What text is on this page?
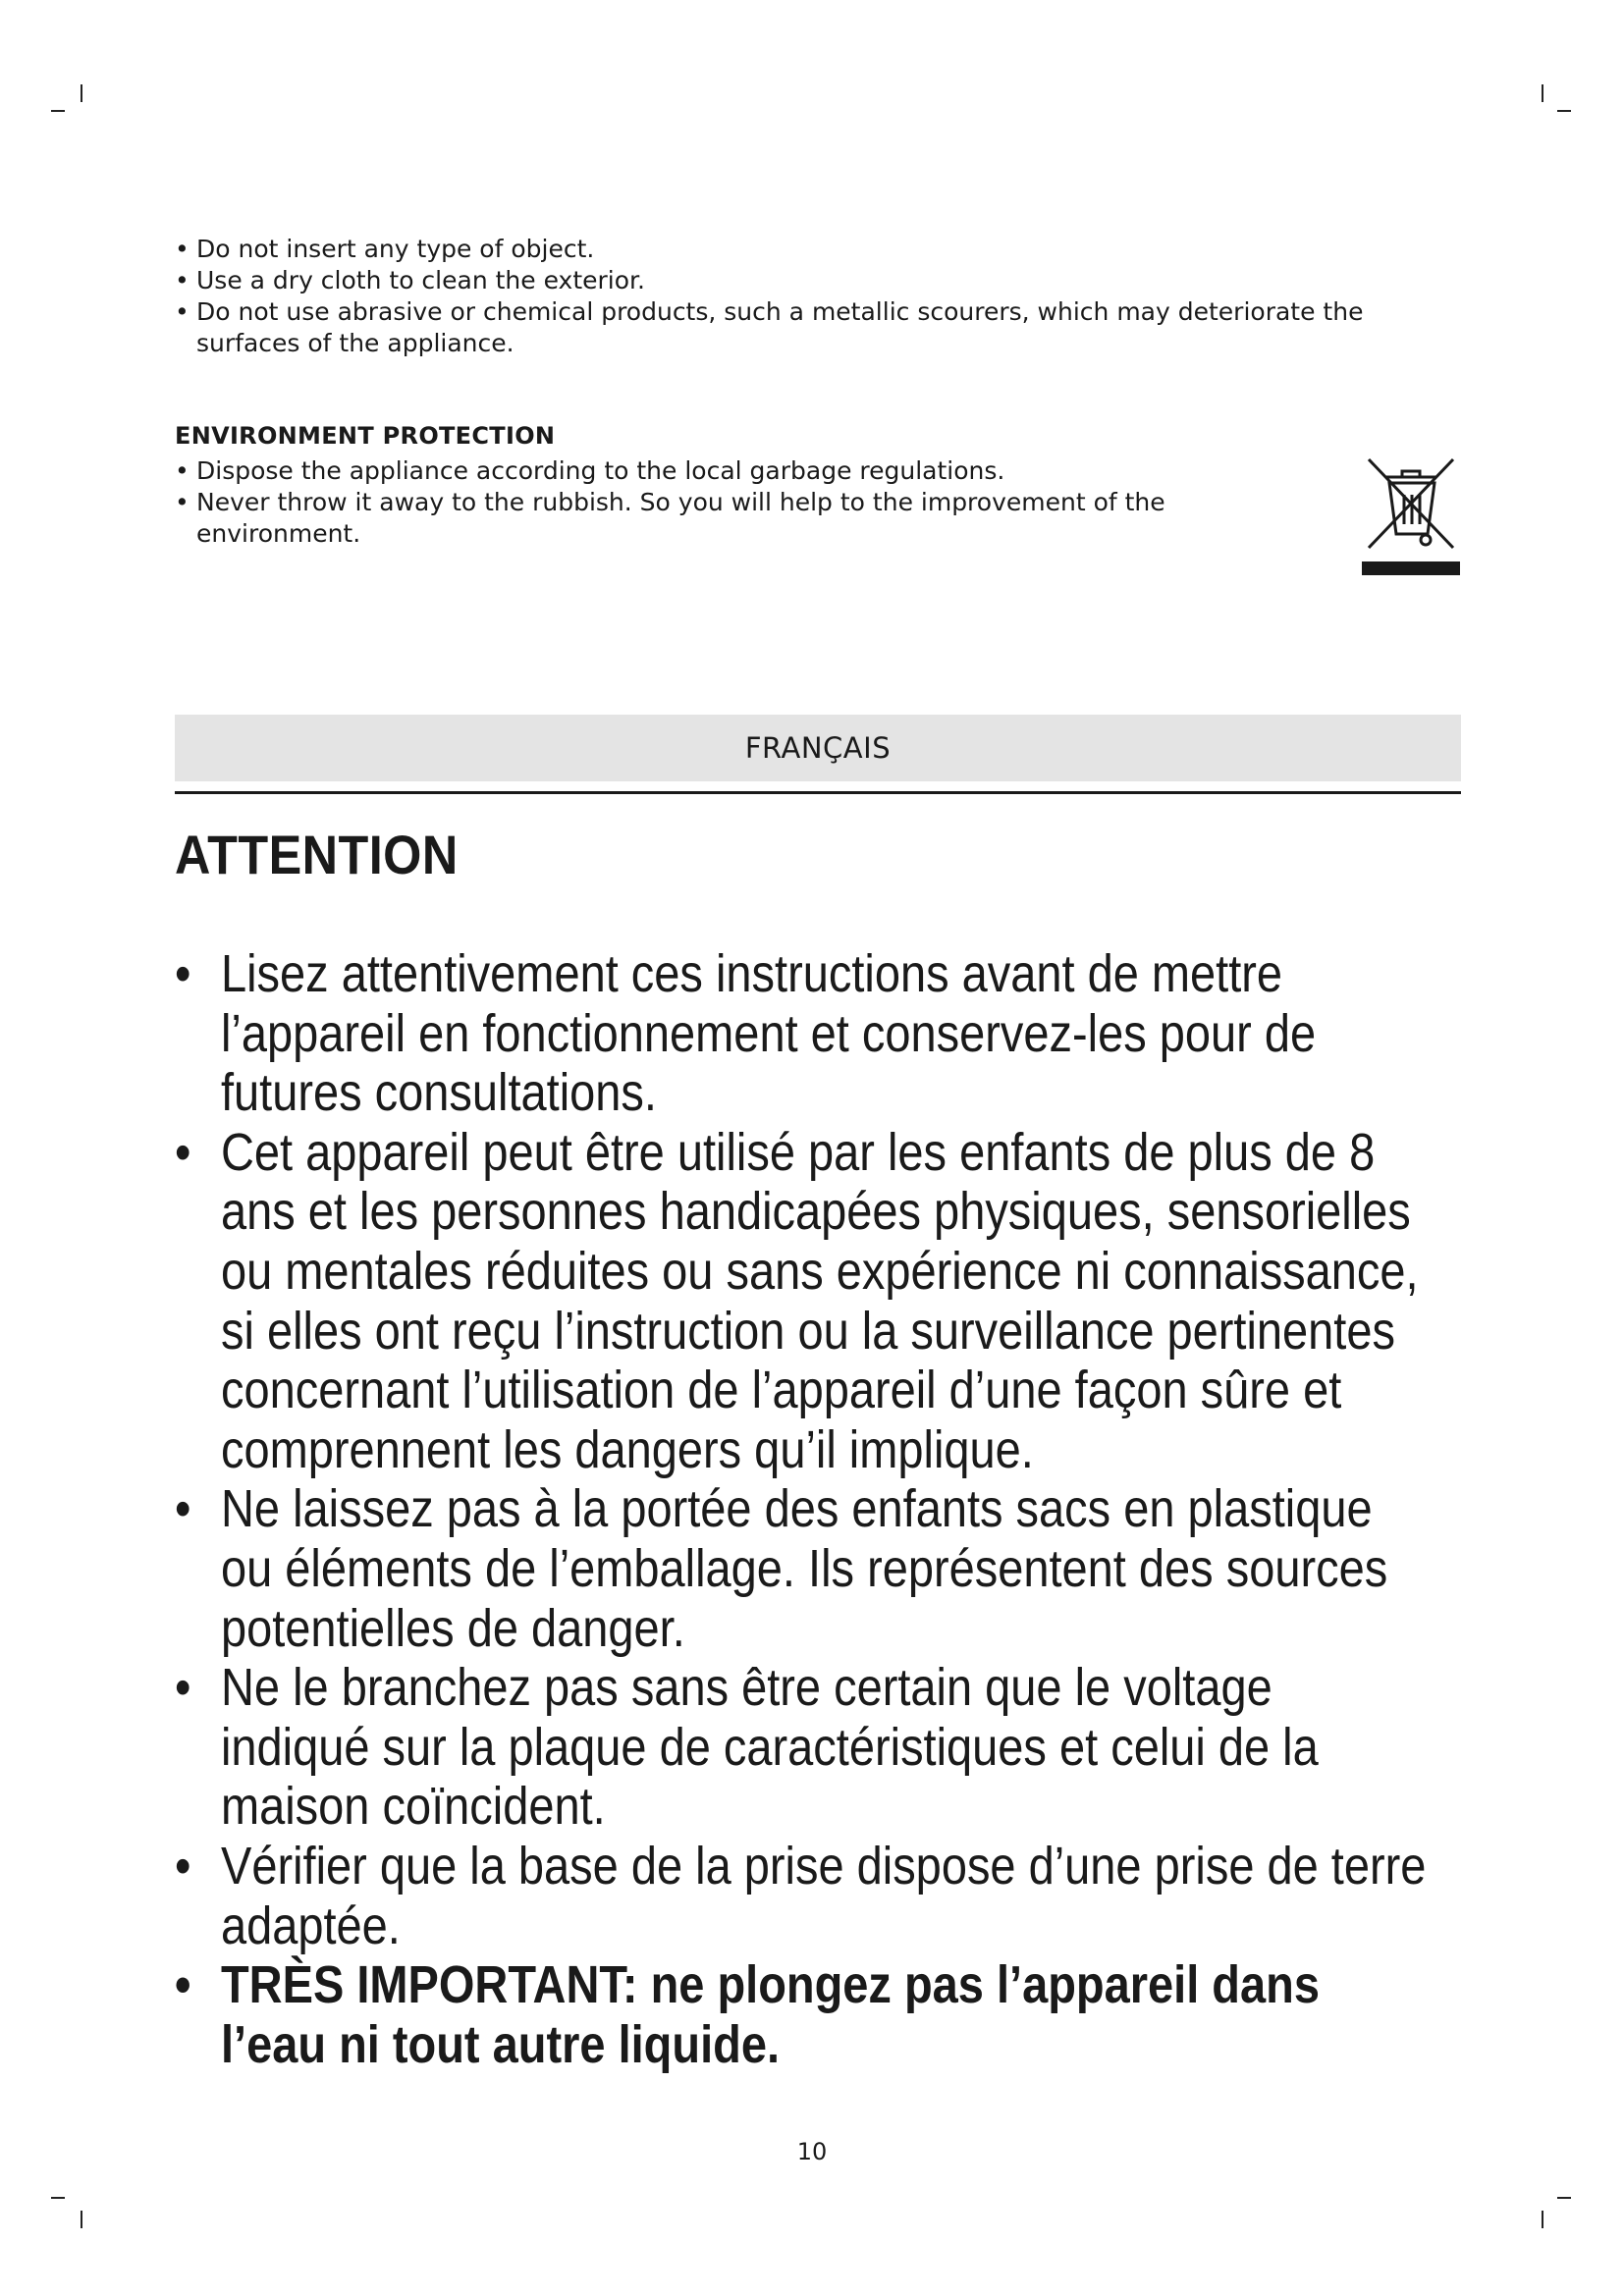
• Do not insert any type of object.
• Use a dry cloth to clean the exterior.
• Do not use abrasive or chemical products, such a metallic scourers, which may deteriorate the surfaces of the appliance.
ENVIRONMENT PROTECTION
• Dispose the appliance according to the local garbage regulations.
• Never throw it away to the rubbish. So you will help to the improvement of the environment.
FRANÇAIS
ATTENTION
• Lisez attentivement ces instructions avant de mettre l’appareil en fonctionnement et conservez-les pour de futures consultations.
• Cet appareil peut être utilisé par les enfants de plus de 8 ans et les personnes handicapées physiques, sensorielles ou mentales réduites ou sans expérience ni connaissance, si elles ont reçu l’instruction ou la surveillance pertinentes concernant l’utilisation de l’appareil d’une façon sûre et comprennent les dangers qu’il implique.
• Ne laissez pas à la portée des enfants sacs en plastique ou éléments de l’emballage. Ils représentent des sources potentielles de danger.
• Ne le branchez pas sans être certain que le voltage indiqué sur la plaque de caractéristiques et celui de la maison coïncident.
• Vérifier que la base de la prise dispose d’une prise de terre adaptée.
• TRÈS IMPORTANT: ne plongez pas l’appareil dans l’eau ni tout autre liquide.
10
